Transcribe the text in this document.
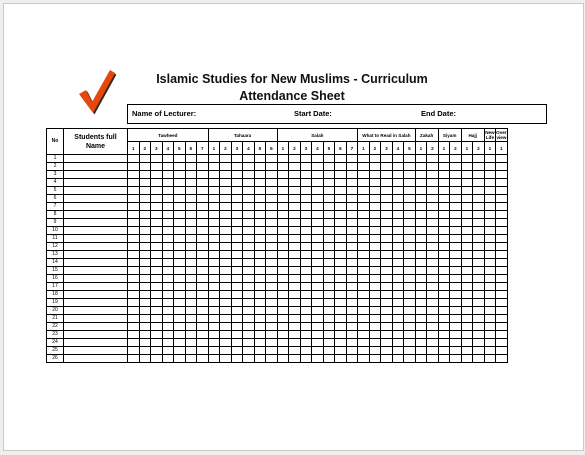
Islamic Studies for New Muslims - Curriculum
Attendance Sheet
Name of Lecturer:	Start Date:	End Date:
No	Students full Name	Tawheed							Tahaara						Salah							What to Read in Salah					Zakah		Siyam		Hajj		New Life	Over view
		1	2	3	4	5	6	7	1	2	3	4	5	6	1	2	3	4	5	6	7	1	2	3	4	5	1	2	1	2	1	2	1	1
1																																		
2																																		
3																																		
4																																		
5																																		
6																																		
7																																		
8																																		
9																																		
10																																		
11																																		
12																																		
13																																		
14																																		
15																																		
16																																		
17																																		
18																																		
19																																		
20																																		
21																																		
22																																		
23																																		
24																																		
25																																		
26																																		
